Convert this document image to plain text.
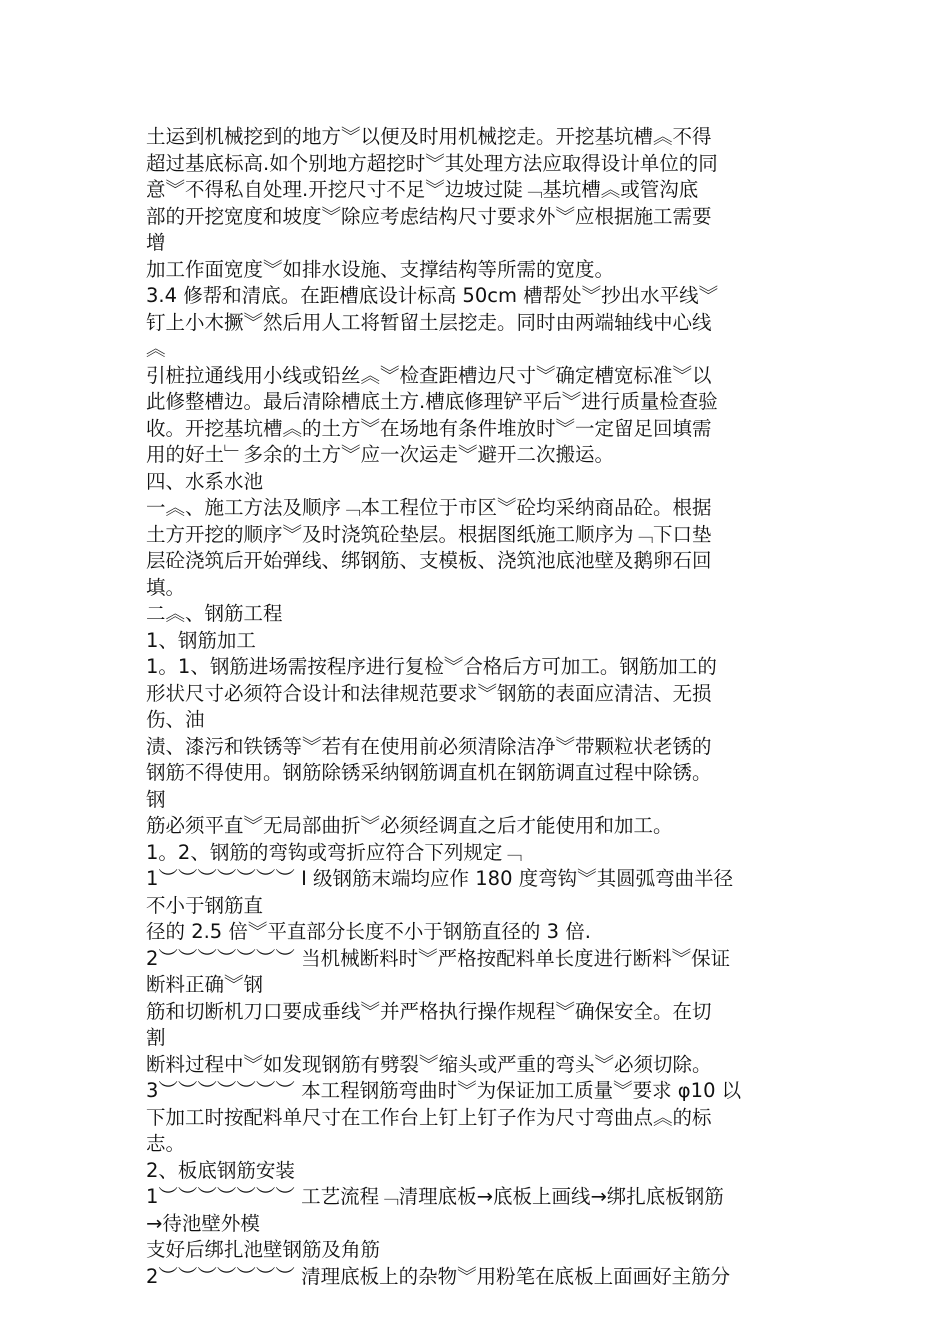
土运到机械挖到的地方︾以便及时用机械挖走。开挖基坑槽︽不得
超过基底标高.如个别地方超挖时︾其处理方法应取得设计单位的同
意︾不得私自处理.开挖尺寸不足︾边坡过陡﹁基坑槽︽或管沟底
部的开挖宽度和坡度︾除应考虑结构尺寸要求外︾应根据施工需要
增
加工作面宽度︾如排水设施、支撑结构等所需的宽度。
3.4 修帮和清底。在距槽底设计标高 50cm 槽帮处︾抄出水平线︾
钉上小木撅︾然后用人工将暂留土层挖走。同时由两端轴线中心线
︽
引桩拉通线用小线或铅丝︽︾检查距槽边尺寸︾确定槽宽标准︾以
此修整槽边。最后清除槽底土方.槽底修理铲平后︾进行质量检查验
收。开挖基坑槽︽的土方︾在场地有条件堆放时︾一定留足回填需
用的好土﹂多余的土方︾应一次运走︾避开二次搬运。
四、水系水池
一︽、施工方法及顺序﹁本工程位于市区︾砼均采纳商品砼。根据
土方开挖的顺序︾及时浇筑砼垫层。根据图纸施工顺序为﹁下口垫
层砼浇筑后开始弹线、绑钢筋、支模板、浇筑池底池壁及鹅卵石回
填。
二︽、钢筋工程
1、钢筋加工
1。1、钢筋进场需按程序进行复检︾合格后方可加工。钢筋加工的
形状尺寸必须符合设计和法律规范要求︾钢筋的表面应清洁、无损
伤、油
渍、漆污和铁锈等︾若有在使用前必须清除洁净︾带颗粒状老锈的
钢筋不得使用。钢筋除锈采纳钢筋调直机在钢筋调直过程中除锈。
钢
筋必须平直︾无局部曲折︾必须经调直之后才能使用和加工。
1。2、钢筋的弯钩或弯折应符合下列规定﹁
1︶︶︶︶︶︶︶ Ⅰ 级钢筋末端均应作 180 度弯钩︾其圆弧弯曲半径
不小于钢筋直
径的 2.5 倍︾平直部分长度不小于钢筋直径的 3 倍.
2︶︶︶︶︶︶︶ 当机械断料时︾严格按配料单长度进行断料︾保证
断料正确︾钢
筋和切断机刀口要成垂线︾并严格执行操作规程︾确保安全。在切
割
断料过程中︾如发现钢筋有劈裂︾缩头或严重的弯头︾必须切除。
3︶︶︶︶︶︶︶ 本工程钢筋弯曲时︾为保证加工质量︾要求 φ10 以
下加工时按配料单尺寸在工作台上钉上钉子作为尺寸弯曲点︽的标
志。
2、板底钢筋安装
1︶︶︶︶︶︶︶ 工艺流程﹁清理底板→底板上画线→绑扎底板钢筋
→待池壁外模
支好后绑扎池壁钢筋及角筋
2︶︶︶︶︶︶︶ 清理底板上的杂物︾用粉笔在底板上面画好主筋分
